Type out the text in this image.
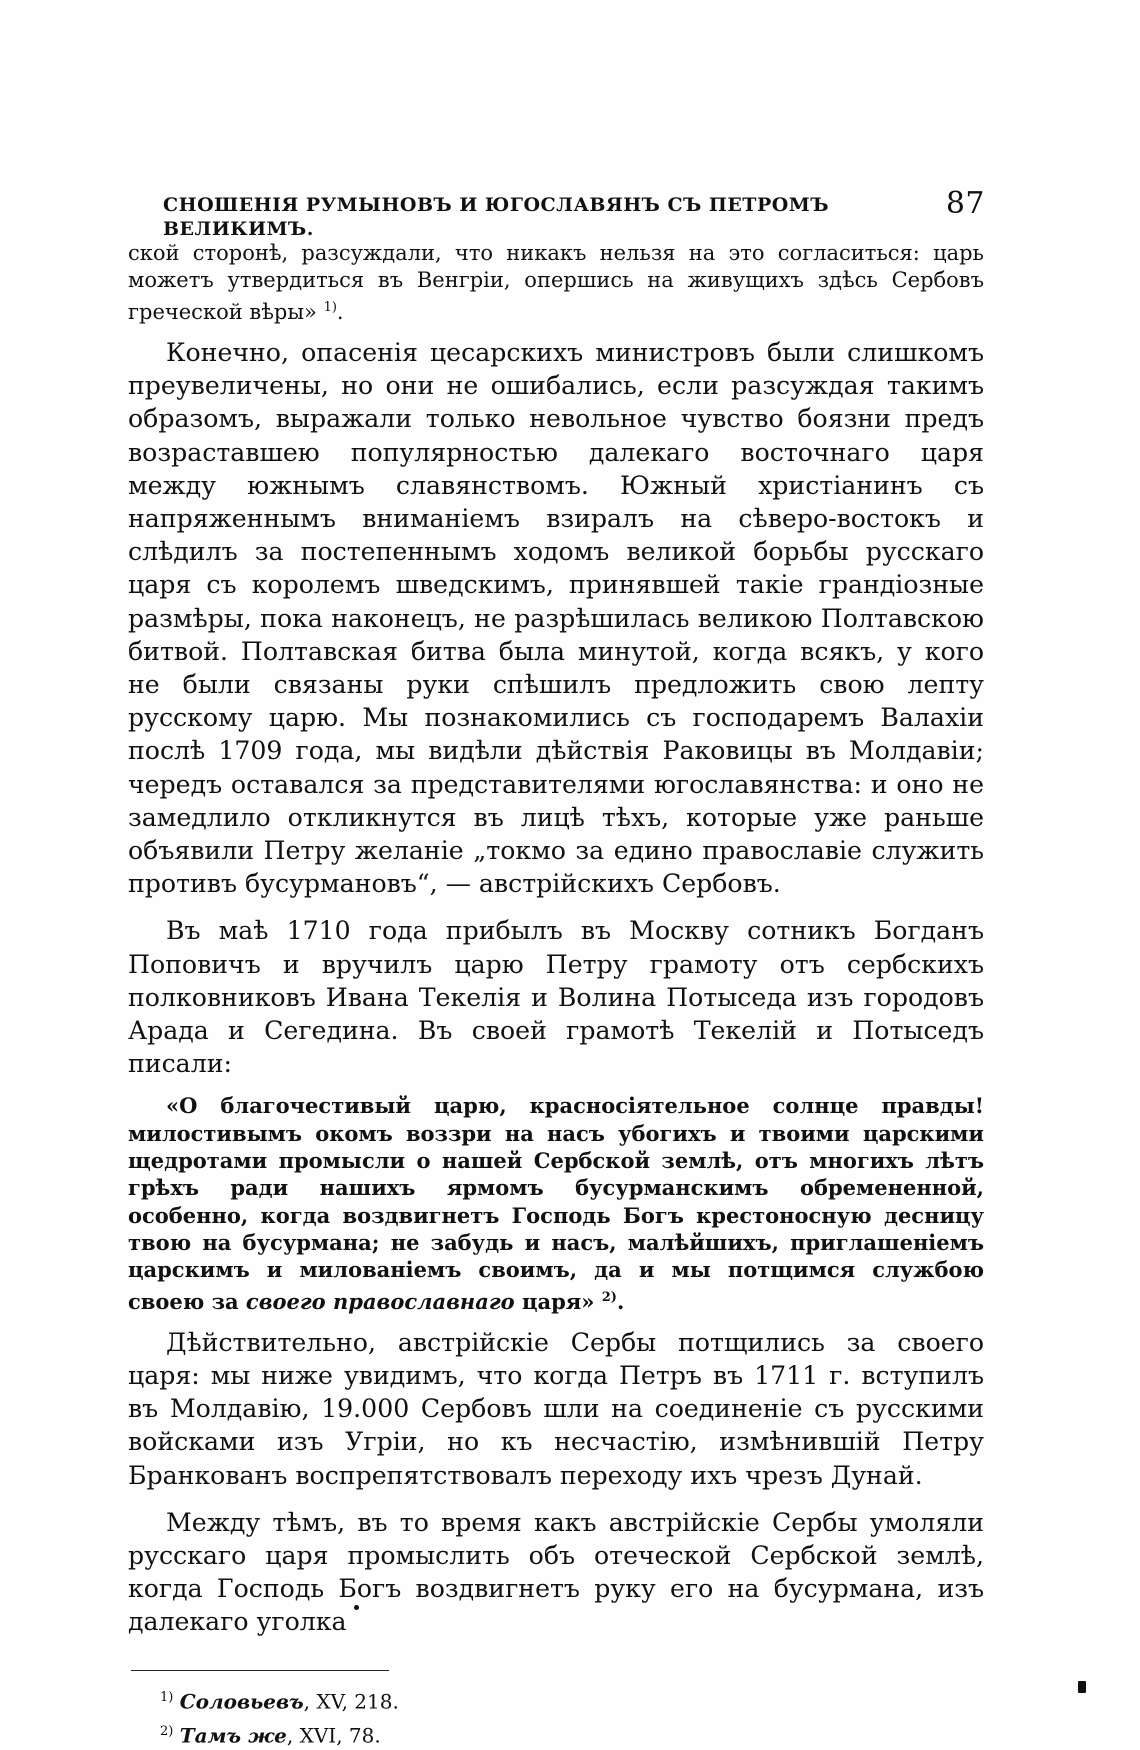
СНОШЕНІЯ РУМЫНОВЪ И ЮГОСЛАВЯНЪ СЪ ПЕТРОМЪ ВЕЛИКИМЪ.
87

ской сторонѣ, разсуждали, что никакъ нельзя на это согласиться: царь можетъ утвердиться въ Венгріи, опершись на живущихъ здѣсь Сербовъ греческой вѣры» $^{1)}$.

Конечно, опасенія цесарскихъ министровъ были слишкомъ преувеличены, но они не ошибались, если разсуждая такимъ образомъ, выражали только невольное чувство боязни предъ возраставшею популярностью далекаго восточнаго царя между южнымъ славянствомъ. Южный христіанинъ съ напряженнымъ вниманіемъ взиралъ на сѣверо-востокъ и слѣдилъ за постепеннымъ ходомъ великой борьбы русскаго царя съ королемъ шведскимъ, принявшей такіе грандіозные размѣры, пока наконецъ, не разрѣшилась великою Полтавскою битвой. Полтавская битва была минутой, когда всякъ, у кого не были связаны руки спѣшилъ предложить свою лепту русскому царю. Мы познакомились съ господаремъ Валахіи послѣ 1709 года, мы видѣли дѣйствія Раковицы въ Молдавіи; чередъ оставался за представителями югославянства: и оно не замедлило откликнутся въ лицѣ тѣхъ, которые уже раньше объявили Петру желаніе „токмо за едино православіе служить противъ бусурмановъ“, — австрійскихъ Сербовъ.

Въ маѣ 1710 года прибылъ въ Москву сотникъ Богданъ Поповичъ и вручилъ царю Петру грамоту отъ сербскихъ полковниковъ Ивана Текелія и Волина Потыседа изъ городовъ Арада и Сегедина. Въ своей грамотѣ Текелій и Потыседъ писали:

«О благочестивый царю, красносіятельное солнце правды! милостивымъ окомъ воззри на насъ убогихъ и твоими царскими щедротами промысли о нашей Сербской землѣ, отъ многихъ лѣтъ грѣхъ ради нашихъ ярмомъ бусурманскимъ обремененной, особенно, когда воздвигнетъ Господь Богъ крестоносную десницу твою на бусурмана; не забудь и насъ, малѣйшихъ, приглашеніемъ царскимъ и милованіемъ своимъ, да и мы потщимся службою своею за своего православнаго царя» $^{2)}$.

Дѣйствительно, австрійскіе Сербы потщились за своего царя: мы ниже увидимъ, что когда Петръ въ 1711 г. вступилъ въ Молдавію, 19.000 Сербовъ шли на соединеніе съ русскими войсками изъ Угріи, но къ несчастію, измѣнившій Петру Бранкованъ воспрепятствовалъ переходу ихъ чрезъ Дунай.

Между тѣмъ, въ то время какъ австрійскіе Сербы умоляли русскаго царя промыслить объ отеческой Сербской землѣ, когда Господь Богъ воздвигнетъ руку его на бусурмана, изъ далекаго уголка

$^{1)}$ Соловьевъ, XV, 218.
$^{2)}$ Тамъ же, XVI, 78.
